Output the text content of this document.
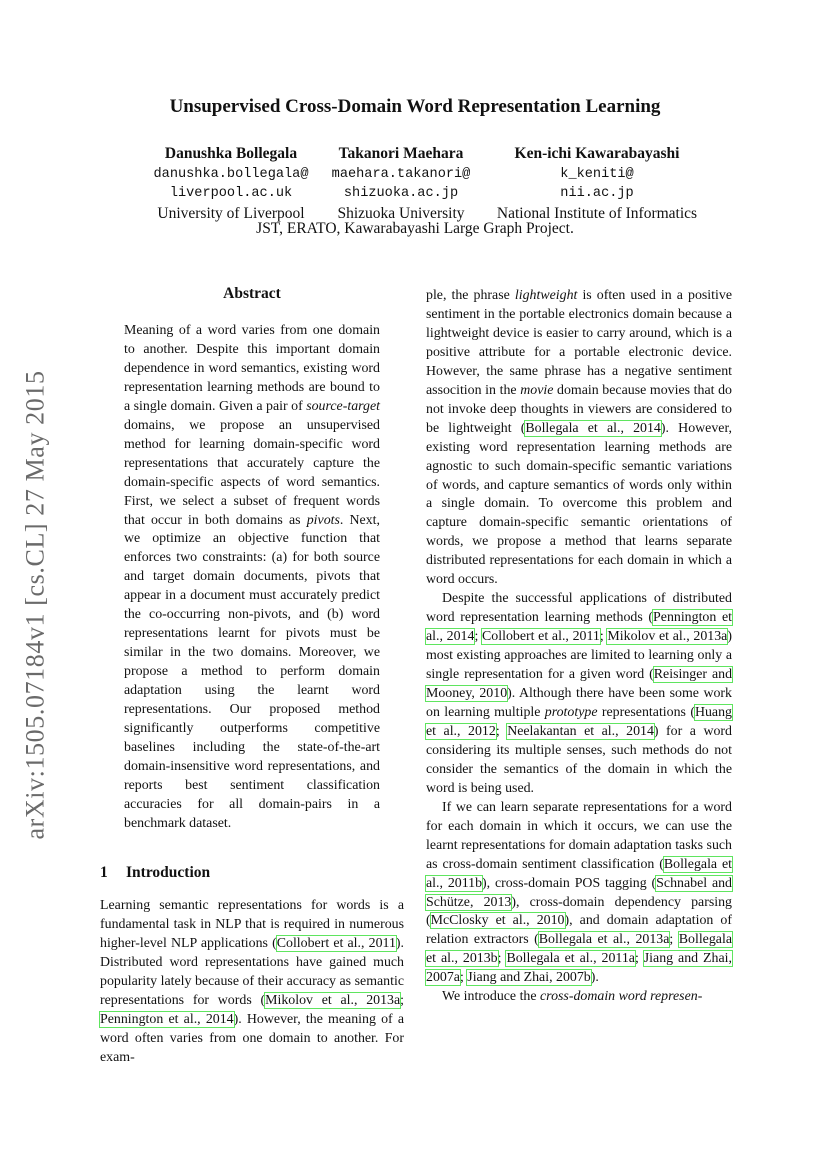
arXiv:1505.07184v1 [cs.CL] 27 May 2015
Unsupervised Cross-Domain Word Representation Learning
Danushka Bollegala
danushka.bollegala@
liverpool.ac.uk
University of Liverpool
Takanori Maehara
maehara.takanori@
shizuoka.ac.jp
Shizuoka University
Ken-ichi Kawarabayashi
k_keniti@
nii.ac.jp
National Institute of Informatics
JST, ERATO, Kawarabayashi Large Graph Project.
Abstract

Meaning of a word varies from one domain to another. Despite this important domain dependence in word semantics, existing word representation learning methods are bound to a single domain. Given a pair of source-target domains, we propose an unsupervised method for learning domain-specific word representations that accurately capture the domain-specific aspects of word semantics. First, we select a subset of frequent words that occur in both domains as pivots. Next, we optimize an objective function that enforces two constraints: (a) for both source and target domain documents, pivots that appear in a document must accurately predict the co-occurring non-pivots, and (b) word representations learnt for pivots must be similar in the two domains. Moreover, we propose a method to perform domain adaptation using the learnt word representations. Our proposed method significantly outperforms competitive baselines including the state-of-the-art domain-insensitive word representations, and reports best sentiment classification accuracies for all domain-pairs in a benchmark dataset.

1 Introduction

Learning semantic representations for words is a fundamental task in NLP that is required in numerous higher-level NLP applications (Collobert et al., 2011). Distributed word representations have gained much popularity lately because of their accuracy as semantic representations for words (Mikolov et al., 2013a; Pennington et al., 2014). However, the meaning of a word often varies from one domain to another. For exam-

ple, the phrase lightweight is often used in a positive sentiment in the portable electronics domain because a lightweight device is easier to carry around, which is a positive attribute for a portable electronic device. However, the same phrase has a negative sentiment assocition in the movie domain because movies that do not invoke deep thoughts in viewers are considered to be lightweight (Bollegala et al., 2014). However, existing word representation learning methods are agnostic to such domain-specific semantic variations of words, and capture semantics of words only within a single domain. To overcome this problem and capture domain-specific semantic orientations of words, we propose a method that learns separate distributed representations for each domain in which a word occurs.

Despite the successful applications of distributed word representation learning methods (Pennington et al., 2014; Collobert et al., 2011; Mikolov et al., 2013a) most existing approaches are limited to learning only a single representation for a given word (Reisinger and Mooney, 2010). Although there have been some work on learning multiple prototype representations (Huang et al., 2012; Neelakantan et al., 2014) for a word considering its multiple senses, such methods do not consider the semantics of the domain in which the word is being used.

If we can learn separate representations for a word for each domain in which it occurs, we can use the learnt representations for domain adaptation tasks such as cross-domain sentiment classification (Bollegala et al., 2011b), cross-domain POS tagging (Schnabel and Schütze, 2013), cross-domain dependency parsing (McClosky et al., 2010), and domain adaptation of relation extractors (Bollegala et al., 2013a; Bollegala et al., 2013b; Bollegala et al., 2011a; Jiang and Zhai, 2007a; Jiang and Zhai, 2007b).

We introduce the cross-domain word represen-
